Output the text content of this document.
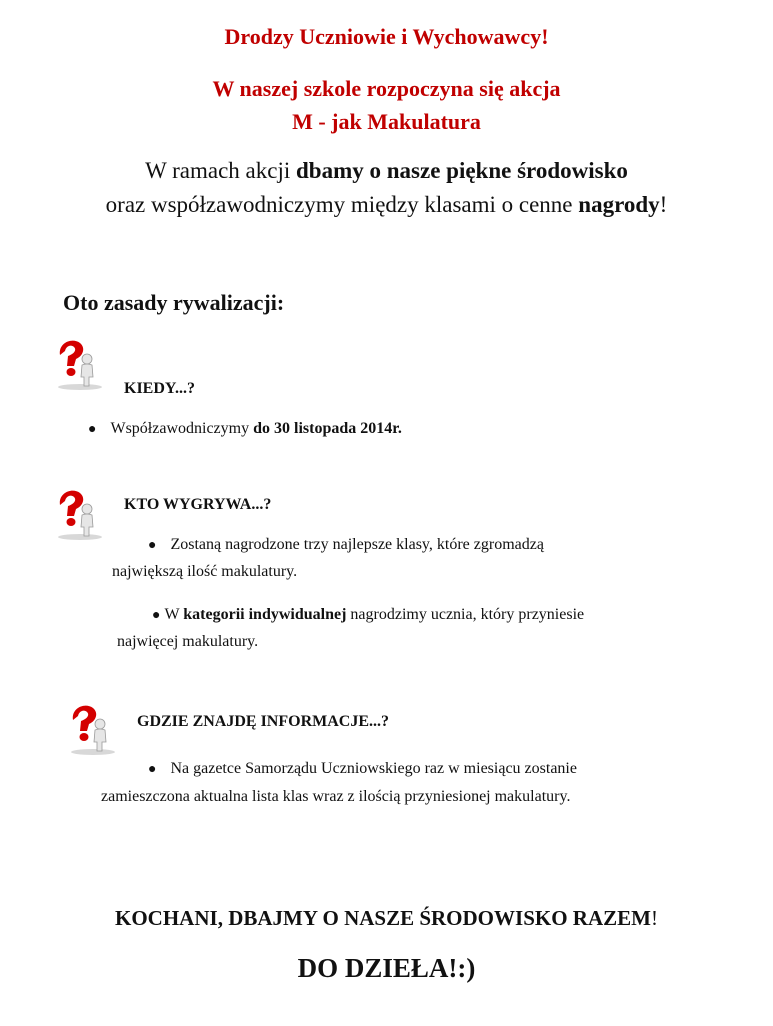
Drodzy Uczniowie i Wychowawcy!
W naszej szkole rozpoczyna się akcja
M - jak Makulatura
W ramach akcji dbamy o nasze piękne środowisko
oraz współzawodniczymy między klasami o cenne nagrody!
Oto zasady rywalizacji:
KIEDY...?
● Współzawodniczymy do 30 listopada 2014r.
KTO WYGRYWA...?
● Zostaną nagrodzone trzy najlepsze klasy, które zgromadzą
największą ilość makulatury.
● W kategorii indywidualnej nagrodzimy ucznia, który przyniesie
najwięcej makulatury.
GDZIE ZNAJDĘ INFORMACJE...?
● Na gazetce Samorządu Uczniowskiego raz w miesiącu zostanie
zamieszczona aktualna lista klas wraz z ilością przyniesionej makulatury.
KOCHANI, DBAJMY O NASZE ŚRODOWISKO RAZEM!
DO DZIEŁA!:)
